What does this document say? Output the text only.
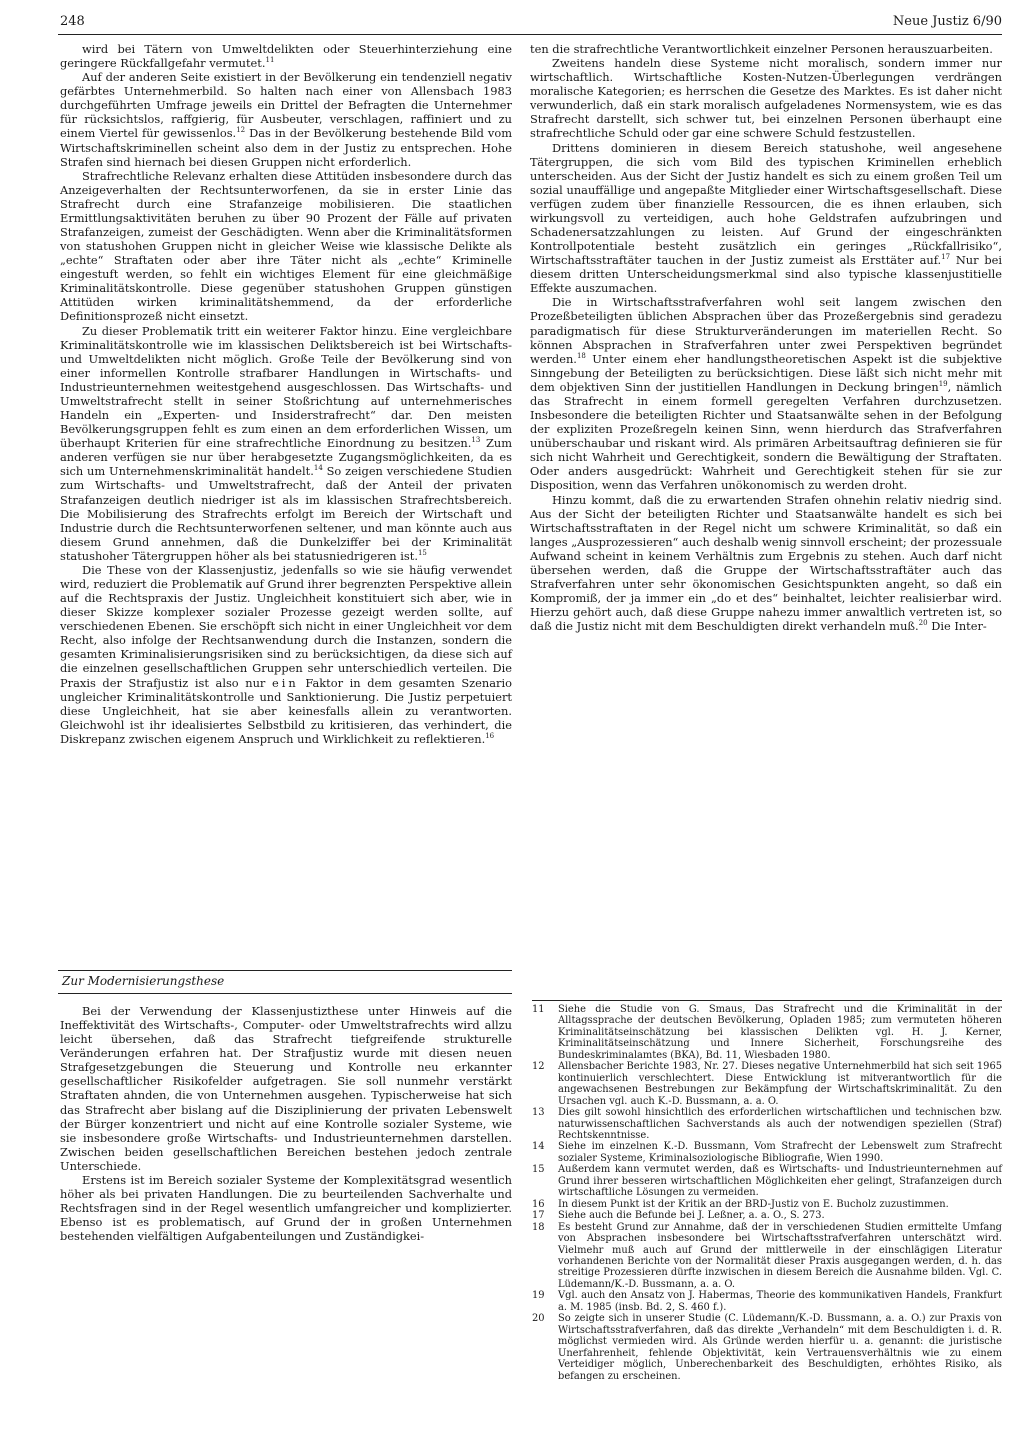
248	Neue Justiz 6/90

wird bei Tätern von Umweltdelikten oder Steuerhinterziehung eine geringere Rückfallgefahr vermutet.$^{11}$

Auf der anderen Seite existiert in der Bevölkerung ein tendenziell negativ gefärbtes Unternehmerbild. So halten nach einer von Allensbach 1983 durchgeführten Umfrage jeweils ein Drittel der Befragten die Unternehmer für rücksichtslos, raffgierig, für Ausbeuter, verschlagen, raffiniert und zu einem Viertel für gewissenlos.$^{12}$ Das in der Bevölkerung bestehende Bild vom Wirtschaftskriminellen scheint also dem in der Justiz zu entsprechen. Hohe Strafen sind hiernach bei diesen Gruppen nicht erforderlich.

Strafrechtliche Relevanz erhalten diese Attitüden insbesondere durch das Anzeigeverhalten der Rechtsunterworfenen, da sie in erster Linie das Strafrecht durch eine Strafanzeige mobilisieren. Die staatlichen Ermittlungsaktivitäten beruhen zu über 90 Prozent der Fälle auf privaten Strafanzeigen, zumeist der Geschädigten. Wenn aber die Kriminalitätsformen von statushohen Gruppen nicht in gleicher Weise wie klassische Delikte als „echte“ Straftaten oder aber ihre Täter nicht als „echte“ Kriminelle eingestuft werden, so fehlt ein wichtiges Element für eine gleichmäßige Kriminalitätskontrolle. Diese gegenüber statushohen Gruppen günstigen Attitüden wirken kriminalitätshemmend, da der erforderliche Definitionsprozeß nicht einsetzt.

Zu dieser Problematik tritt ein weiterer Faktor hinzu. Eine vergleichbare Kriminalitätskontrolle wie im klassischen Deliktsbereich ist bei Wirtschafts- und Umweltdelikten nicht möglich. Große Teile der Bevölkerung sind von einer informellen Kontrolle strafbarer Handlungen in Wirtschafts- und Industrieunternehmen weitestgehend ausgeschlossen. Das Wirtschafts- und Umweltstrafrecht stellt in seiner Stoßrichtung auf unternehmerisches Handeln ein „Experten- und Insiderstrafrecht“ dar. Den meisten Bevölkerungsgruppen fehlt es zum einen an dem erforderlichen Wissen, um überhaupt Kriterien für eine strafrechtliche Einordnung zu besitzen.$^{13}$ Zum anderen verfügen sie nur über herabgesetzte Zugangsmöglichkeiten, da es sich um Unternehmenskriminalität handelt.$^{14}$ So zeigen verschiedene Studien zum Wirtschafts- und Umweltstrafrecht, daß der Anteil der privaten Strafanzeigen deutlich niedriger ist als im klassischen Strafrechtsbereich. Die Mobilisierung des Strafrechts erfolgt im Bereich der Wirtschaft und Industrie durch die Rechtsunterworfenen seltener, und man könnte auch aus diesem Grund annehmen, daß die Dunkelziffer bei der Kriminalität statushoher Tätergruppen höher als bei statusniedrigeren ist.$^{15}$

Die These von der Klassenjustiz, jedenfalls so wie sie häufig verwendet wird, reduziert die Problematik auf Grund ihrer begrenzten Perspektive allein auf die Rechtspraxis der Justiz. Ungleichheit konstituiert sich aber, wie in dieser Skizze komplexer sozialer Prozesse gezeigt werden sollte, auf verschiedenen Ebenen. Sie erschöpft sich nicht in einer Ungleichheit vor dem Recht, also infolge der Rechtsanwendung durch die Instanzen, sondern die gesamten Kriminalisierungsrisiken sind zu berücksichtigen, da diese sich auf die einzelnen gesellschaftlichen Gruppen sehr unterschiedlich verteilen. Die Praxis der Strafjustiz ist also nur ein Faktor in dem gesamten Szenario ungleicher Kriminalitätskontrolle und Sanktionierung. Die Justiz perpetuiert diese Ungleichheit, hat sie aber keinesfalls allein zu verantworten. Gleichwohl ist ihr idealisiertes Selbstbild zu kritisieren, das verhindert, die Diskrepanz zwischen eigenem Anspruch und Wirklichkeit zu reflektieren.$^{16}$

Zur Modernisierungsthese

Bei der Verwendung der Klassenjustizthese unter Hinweis auf die Ineffektivität des Wirtschafts-, Computer- oder Umweltstrafrechts wird allzu leicht übersehen, daß das Strafrecht tiefgreifende strukturelle Veränderungen erfahren hat. Der Strafjustiz wurde mit diesen neuen Strafgesetzgebungen die Steuerung und Kontrolle neu erkannter gesellschaftlicher Risikofelder aufgetragen. Sie soll nunmehr verstärkt Straftaten ahnden, die von Unternehmen ausgehen. Typischerweise hat sich das Strafrecht aber bislang auf die Disziplinierung der privaten Lebenswelt der Bürger konzentriert und nicht auf eine Kontrolle sozialer Systeme, wie sie insbesondere große Wirtschafts- und Industrieunternehmen darstellen. Zwischen beiden gesellschaftlichen Bereichen bestehen jedoch zentrale Unterschiede.

Erstens ist im Bereich sozialer Systeme der Komplexitätsgrad wesentlich höher als bei privaten Handlungen. Die zu beurteilenden Sachverhalte und Rechtsfragen sind in der Regel wesentlich umfangreicher und komplizierter. Ebenso ist es problematisch, auf Grund der in großen Unternehmen bestehenden vielfältigen Aufgabenteilungen und Zuständigkei-

ten die strafrechtliche Verantwortlichkeit einzelner Personen herauszuarbeiten.

Zweitens handeln diese Systeme nicht moralisch, sondern immer nur wirtschaftlich. Wirtschaftliche Kosten-Nutzen-Überlegungen verdrängen moralische Kategorien; es herrschen die Gesetze des Marktes. Es ist daher nicht verwunderlich, daß ein stark moralisch aufgeladenes Normensystem, wie es das Strafrecht darstellt, sich schwer tut, bei einzelnen Personen überhaupt eine strafrechtliche Schuld oder gar eine schwere Schuld festzustellen.

Drittens dominieren in diesem Bereich statushohe, weil angesehene Tätergruppen, die sich vom Bild des typischen Kriminellen erheblich unterscheiden. Aus der Sicht der Justiz handelt es sich zu einem großen Teil um sozial unauffällige und angepaßte Mitglieder einer Wirtschaftsgesellschaft. Diese verfügen zudem über finanzielle Ressourcen, die es ihnen erlauben, sich wirkungsvoll zu verteidigen, auch hohe Geldstrafen aufzubringen und Schadenersatzzahlungen zu leisten. Auf Grund der eingeschränkten Kontrollpotentiale besteht zusätzlich ein geringes „Rückfallrisiko“, Wirtschaftsstraftäter tauchen in der Justiz zumeist als Ersttäter auf.$^{17}$ Nur bei diesem dritten Unterscheidungsmerkmal sind also typische klassenjustitielle Effekte auszumachen.

Die in Wirtschaftsstrafverfahren wohl seit langem zwischen den Prozeßbeteiligten üblichen Absprachen über das Prozeßergebnis sind geradezu paradigmatisch für diese Strukturveränderungen im materiellen Recht. So können Absprachen in Strafverfahren unter zwei Perspektiven begründet werden.$^{18}$ Unter einem eher handlungstheoretischen Aspekt ist die subjektive Sinngebung der Beteiligten zu berücksichtigen. Diese läßt sich nicht mehr mit dem objektiven Sinn der justitiellen Handlungen in Deckung bringen$^{19}$, nämlich das Strafrecht in einem formell geregelten Verfahren durchzusetzen. Insbesondere die beteiligten Richter und Staatsanwälte sehen in der Befolgung der expliziten Prozeßregeln keinen Sinn, wenn hierdurch das Strafverfahren unüberschaubar und riskant wird. Als primären Arbeitsauftrag definieren sie für sich nicht Wahrheit und Gerechtigkeit, sondern die Bewältigung der Straftaten. Oder anders ausgedrückt: Wahrheit und Gerechtigkeit stehen für sie zur Disposition, wenn das Verfahren unökonomisch zu werden droht.

Hinzu kommt, daß die zu erwartenden Strafen ohnehin relativ niedrig sind. Aus der Sicht der beteiligten Richter und Staatsanwälte handelt es sich bei Wirtschaftsstraftaten in der Regel nicht um schwere Kriminalität, so daß ein langes „Ausprozessieren“ auch deshalb wenig sinnvoll erscheint; der prozessuale Aufwand scheint in keinem Verhältnis zum Ergebnis zu stehen. Auch darf nicht übersehen werden, daß die Gruppe der Wirtschaftsstraftäter auch das Strafverfahren unter sehr ökonomischen Gesichtspunkten angeht, so daß ein Kompromiß, der ja immer ein „do et des“ beinhaltet, leichter realisierbar wird. Hierzu gehört auch, daß diese Gruppe nahezu immer anwaltlich vertreten ist, so daß die Justiz nicht mit dem Beschuldigten direkt verhandeln muß.$^{20}$ Die Inter-

11	Siehe die Studie von G. Smaus, Das Strafrecht und die Kriminalität in der Alltagssprache der deutschen Bevölkerung, Opladen 1985; zum vermuteten höheren Kriminalitätseinschätzung bei klassischen Delikten vgl. H. J. Kerner, Kriminalitätseinschätzung und Innere Sicherheit, Forschungsreihe des Bundeskriminalamtes (BKA), Bd. 11, Wiesbaden 1980.
12	Allensbacher Berichte 1983, Nr. 27. Dieses negative Unternehmerbild hat sich seit 1965 kontinuierlich verschlechtert. Diese Entwicklung ist mitverantwortlich für die angewachsenen Bestrebungen zur Bekämpfung der Wirtschaftskriminalität. Zu den Ursachen vgl. auch K.-D. Bussmann, a. a. O.
13	Dies gilt sowohl hinsichtlich des erforderlichen wirtschaftlichen und technischen bzw. naturwissenschaftlichen Sachverstands als auch der notwendigen speziellen (Straf) Rechtskenntnisse.
14	Siehe im einzelnen K.-D. Bussmann, Vom Strafrecht der Lebenswelt zum Strafrecht sozialer Systeme, Kriminalsoziologische Bibliografie, Wien 1990.
15	Außerdem kann vermutet werden, daß es Wirtschafts- und Industrieunternehmen auf Grund ihrer besseren wirtschaftlichen Möglichkeiten eher gelingt, Strafanzeigen durch wirtschaftliche Lösungen zu vermeiden.
16	In diesem Punkt ist der Kritik an der BRD-Justiz von E. Bucholz zuzustimmen.
17	Siehe auch die Befunde bei J. Leßner, a. a. O., S. 273.
18	Es besteht Grund zur Annahme, daß der in verschiedenen Studien ermittelte Umfang von Absprachen insbesondere bei Wirtschaftsstrafverfahren unterschätzt wird. Vielmehr muß auch auf Grund der mittlerweile in der einschlägigen Literatur vorhandenen Berichte von der Normalität dieser Praxis ausgegangen werden, d. h. das streitige Prozessieren dürfte inzwischen in diesem Bereich die Ausnahme bilden. Vgl. C. Lüdemann/K.-D. Bussmann, a. a. O.
19	Vgl. auch den Ansatz von J. Habermas, Theorie des kommunikativen Handels, Frankfurt a. M. 1985 (insb. Bd. 2, S. 460 f.).
20	So zeigte sich in unserer Studie (C. Lüdemann/K.-D. Bussmann, a. a. O.) zur Praxis von Wirtschaftsstrafverfahren, daß das direkte „Verhandeln“ mit dem Beschuldigten i. d. R. möglichst vermieden wird. Als Gründe werden hierfür u. a. genannt: die juristische Unerfahrenheit, fehlende Objektivität, kein Vertrauensverhältnis wie zu einem Verteidiger möglich, Unberechenbarkeit des Beschuldigten, erhöhtes Risiko, als befangen zu erscheinen.
